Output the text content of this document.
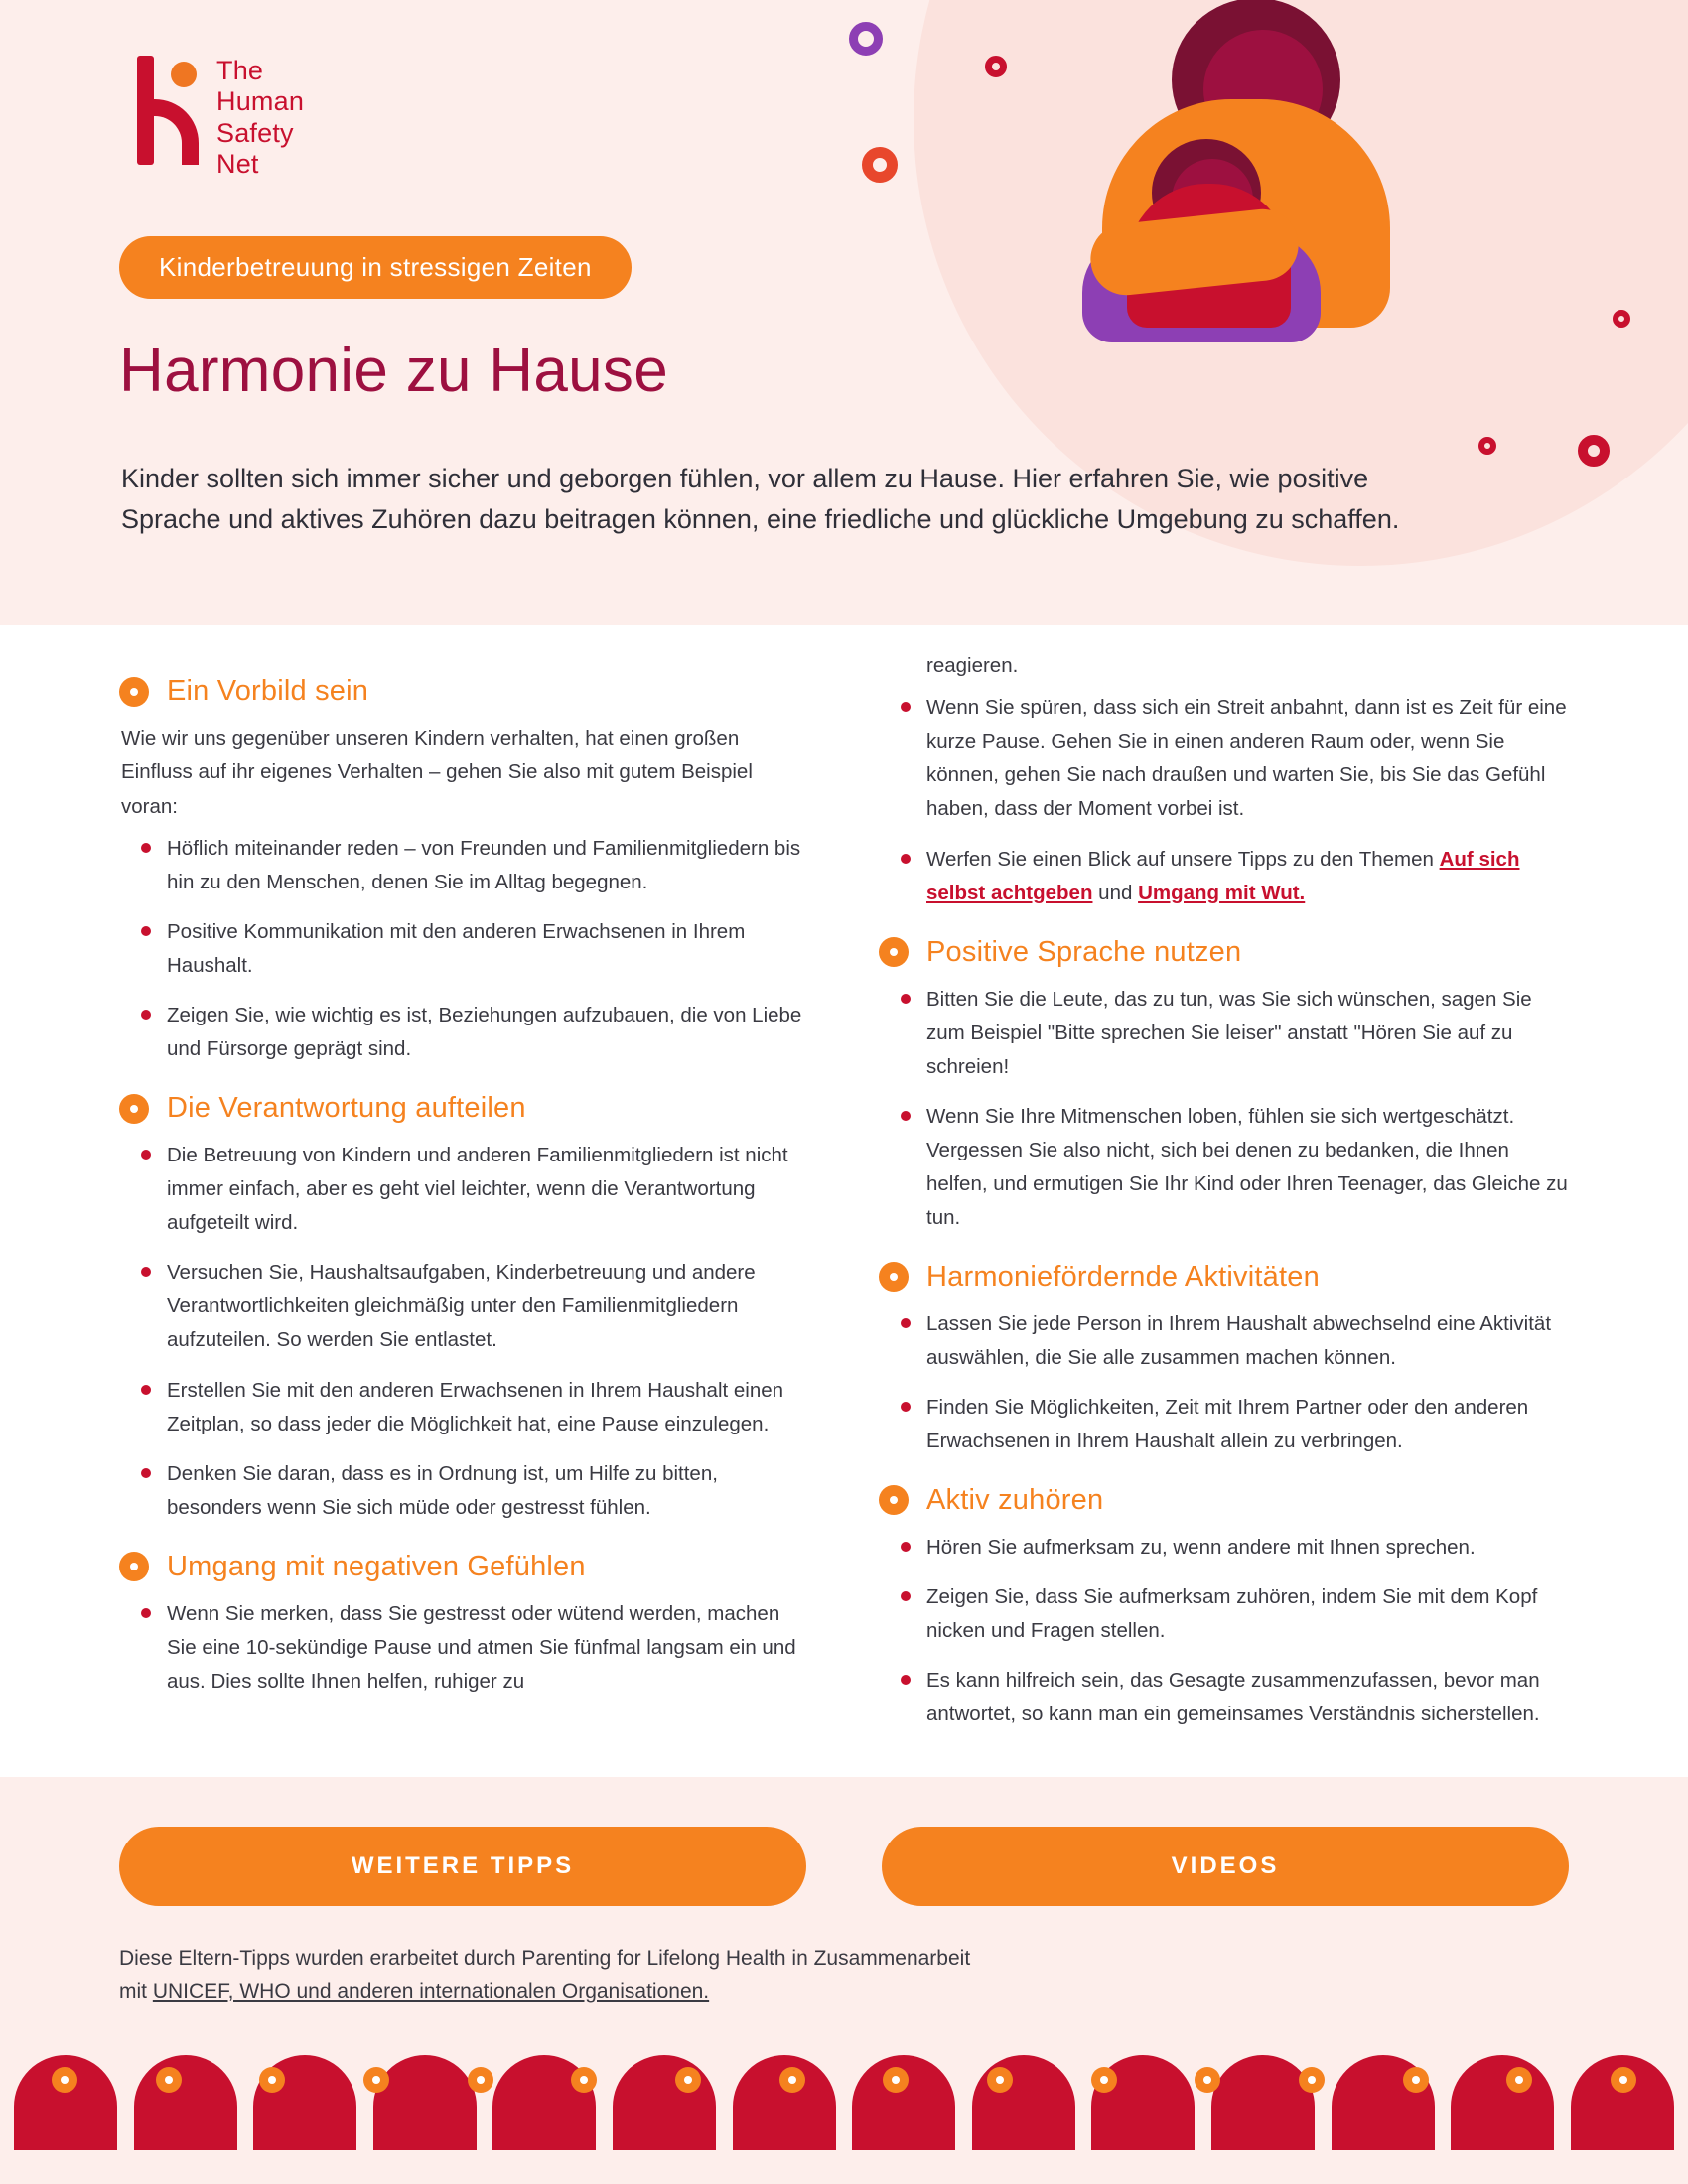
The
Human
Safety
Net
Kinderbetreuung in stressigen Zeiten
Harmonie zu Hause
Kinder sollten sich immer sicher und geborgen fühlen, vor allem zu Hause. Hier erfahren Sie, wie positive Sprache und aktives Zuhören dazu beitragen können, eine friedliche und glückliche Umgebung zu schaffen.
Ein Vorbild sein
Wie wir uns gegenüber unseren Kindern verhalten, hat einen großen Einfluss auf ihr eigenes Verhalten – gehen Sie also mit gutem Beispiel voran:
Höflich miteinander reden – von Freunden und Familienmitgliedern bis hin zu den Menschen, denen Sie im Alltag begegnen.
Positive Kommunikation mit den anderen Erwachsenen in Ihrem Haushalt.
Zeigen Sie, wie wichtig es ist, Beziehungen aufzubauen, die von Liebe und Fürsorge geprägt sind.
Die Verantwortung aufteilen
Die Betreuung von Kindern und anderen Familienmitgliedern ist nicht immer einfach, aber es geht viel leichter, wenn die Verantwortung aufgeteilt wird.
Versuchen Sie, Haushaltsaufgaben, Kinderbetreuung und andere Verantwortlichkeiten gleichmäßig unter den Familienmitgliedern aufzuteilen. So werden Sie entlastet.
Erstellen Sie mit den anderen Erwachsenen in Ihrem Haushalt einen Zeitplan, so dass jeder die Möglichkeit hat, eine Pause einzulegen.
Denken Sie daran, dass es in Ordnung ist, um Hilfe zu bitten, besonders wenn Sie sich müde oder gestresst fühlen.
Umgang mit negativen Gefühlen
Wenn Sie merken, dass Sie gestresst oder wütend werden, machen Sie eine 10-sekündige Pause und atmen Sie fünfmal langsam ein und aus. Dies sollte Ihnen helfen, ruhiger zu
reagieren.
Wenn Sie spüren, dass sich ein Streit anbahnt, dann ist es Zeit für eine kurze Pause. Gehen Sie in einen anderen Raum oder, wenn Sie können, gehen Sie nach draußen und warten Sie, bis Sie das Gefühl haben, dass der Moment vorbei ist.
Werfen Sie einen Blick auf unsere Tipps zu den Themen Auf sich selbst achtgeben und Umgang mit Wut.
Positive Sprache nutzen
Bitten Sie die Leute, das zu tun, was Sie sich wünschen, sagen Sie zum Beispiel "Bitte sprechen Sie leiser" anstatt "Hören Sie auf zu schreien!
Wenn Sie Ihre Mitmenschen loben, fühlen sie sich wertgeschätzt. Vergessen Sie also nicht, sich bei denen zu bedanken, die Ihnen helfen, und ermutigen Sie Ihr Kind oder Ihren Teenager, das Gleiche zu tun.
Harmoniefördernde Aktivitäten
Lassen Sie jede Person in Ihrem Haushalt abwechselnd eine Aktivität auswählen, die Sie alle zusammen machen können.
Finden Sie Möglichkeiten, Zeit mit Ihrem Partner oder den anderen Erwachsenen in Ihrem Haushalt allein zu verbringen.
Aktiv zuhören
Hören Sie aufmerksam zu, wenn andere mit Ihnen sprechen.
Zeigen Sie, dass Sie aufmerksam zuhören, indem Sie mit dem Kopf nicken und Fragen stellen.
Es kann hilfreich sein, das Gesagte zusammenzufassen, bevor man antwortet, so kann man ein gemeinsames Verständnis sicherstellen.
WEITERE TIPPS	VIDEOS
Diese Eltern-Tipps wurden erarbeitet durch Parenting for Lifelong Health in Zusammenarbeit
mit UNICEF, WHO und anderen internationalen Organisationen.
